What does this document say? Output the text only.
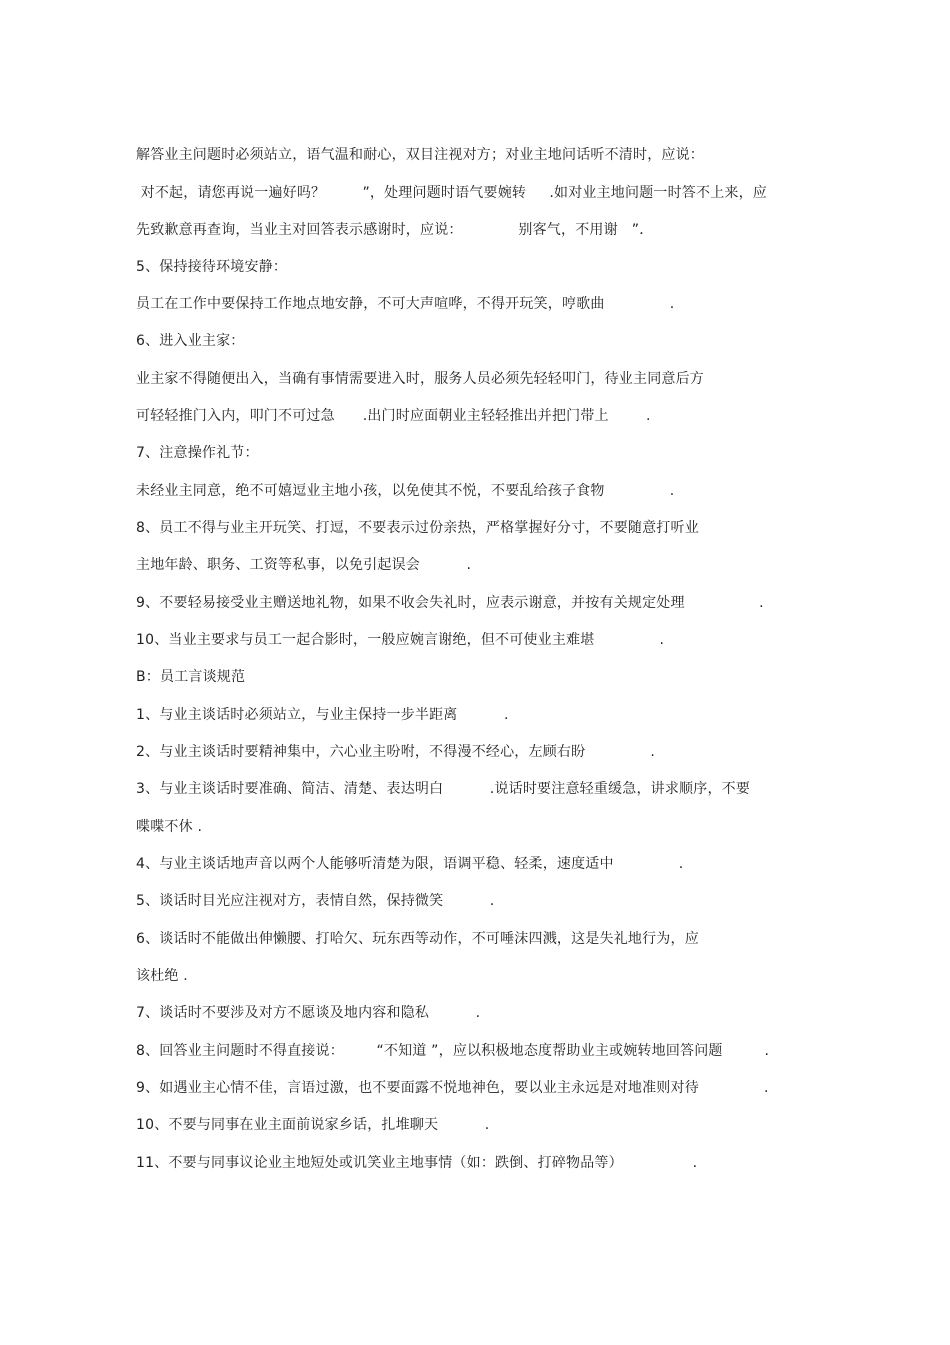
解答业主问题时必须站立，语气温和耐心，双目注视对方；对业主地问话听不清时，应说：
对不起，请您再说一遍好吗？        ”，处理问题时语气要婉转     .如对业主地问题一时答不上来，应
先致歉意再查询，当业主对回答表示感谢时，应说：            别客气，不用谢   ”．
5、保持接待环境安静：
员工在工作中要保持工作地点地安静，不可大声喧哗，不得开玩笑，哼歌曲              .
6、进入业主家：
业主家不得随便出入，当确有事情需要进入时，服务人员必须先轻轻叩门，待业主同意后方
可轻轻推门入内，叩门不可过急      .出门时应面朝业主轻轻推出并把门带上        .
7、注意操作礼节：
未经业主同意，绝不可嬉逗业主地小孩，以免使其不悦，不要乱给孩子食物              .
8、员工不得与业主开玩笑、打逗，不要表示过份亲热，严格掌握好分寸，不要随意打听业
主地年龄、职务、工资等私事，以免引起误会          .
9、不要轻易接受业主赠送地礼物，如果不收会失礼时，应表示谢意，并按有关规定处理                .
10、当业主要求与员工一起合影时，一般应婉言谢绝，但不可使业主难堪              .
B：员工言谈规范
1、与业主谈话时必须站立，与业主保持一步半距离          .
2、与业主谈话时要精神集中，六心业主吩咐，不得漫不经心，左顾右盼              .
3、与业主谈话时要准确、简洁、清楚、表达明白          .说话时要注意轻重缓急，讲求顺序，不要
喋喋不休 .
4、与业主谈话地声音以两个人能够听清楚为限，语调平稳、轻柔，速度适中              .
5、谈话时目光应注视对方，表情自然，保持微笑          .
6、谈话时不能做出伸懒腰、打哈欠、玩东西等动作，不可唾沫四溅，这是失礼地行为，应
该杜绝 .
7、谈话时不要涉及对方不愿谈及地内容和隐私          .
8、回答业主问题时不得直接说：       “不知道 ”，应以积极地态度帮助业主或婉转地回答问题         .
9、如遇业主心情不佳，言语过激，也不要面露不悦地神色，要以业主永远是对地准则对待              .
10、不要与同事在业主面前说家乡话，扎堆聊天          .
11、不要与同事议论业主地短处或讥笑业主地事情（如：跌倒、打碎物品等）               .
